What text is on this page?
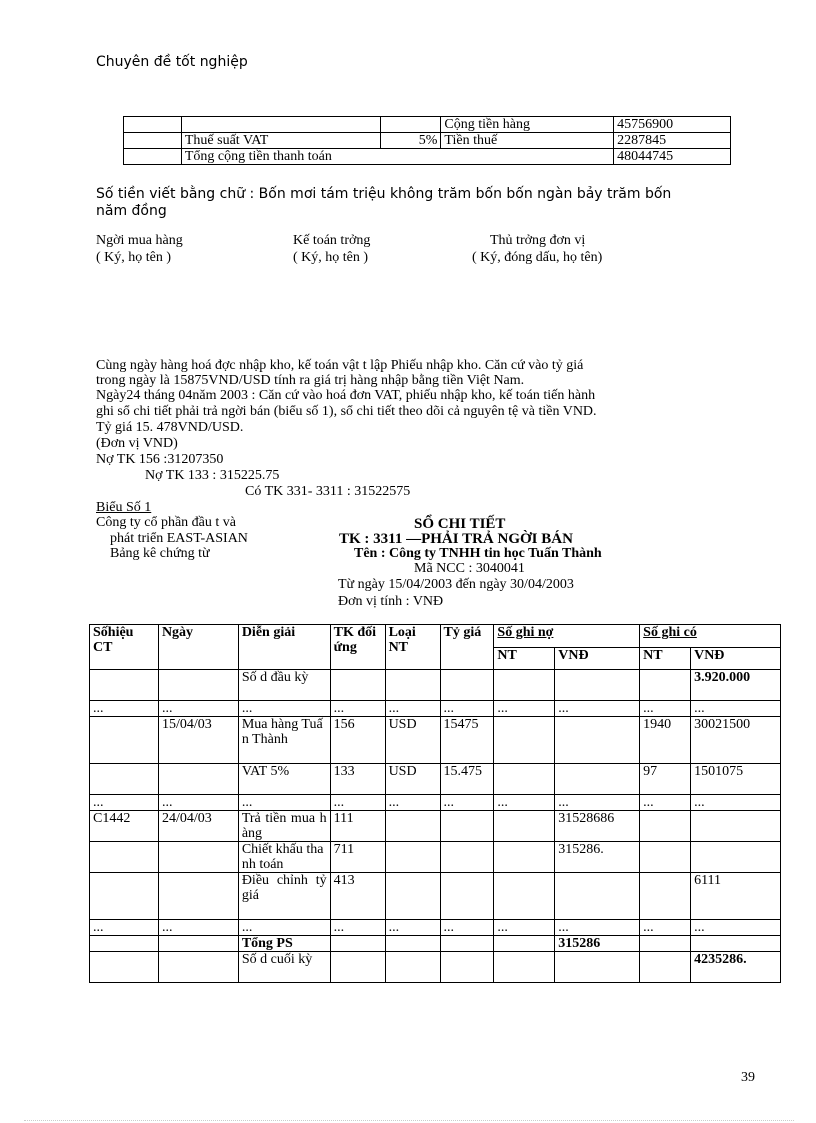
Chuyên đề tốt nghiệp
			Cộng tiền hàng	45756900
	Thuế suất VAT	5%	Tiền thuế	2287845
	Tổng cộng tiền thanh toán			48044745
Số tiền viết bằng chữ : Bốn mơi tám triệu không trăm bốn bốn ngàn bảy trăm bốn
năm đồng
Ngời mua hàng
( Ký, họ tên )
Kế toán trởng
( Ký, họ tên )
Thủ trởng đơn vị
( Ký, đóng dấu, họ tên)
Cùng ngày hàng hoá đợc nhập kho, kế toán vật t lập Phiếu nhập kho. Căn cứ vào tỷ giá
trong ngày là 15875VND/USD tính ra giá trị hàng nhập bằng tiền Việt Nam.
Ngày24 tháng 04năm 2003 : Căn cứ vào hoá đơn VAT, phiếu nhập kho, kế toán tiến hành
ghi sổ chi tiết phải trả ngời bán (biểu số 1), sổ chi tiết theo dõi cả nguyên tệ và tiền VND.
Tỷ giá 15. 478VND/USD.
(Đơn vị VND)
Nợ TK 156 :31207350
Nợ TK 133 : 315225.75
Có TK 331- 3311 : 31522575
Biểu Số 1
Công ty cổ phần đầu t và
phát triển EAST-ASIAN
Bảng kê chứng từ
SỔ CHI TIẾT
TK : 3311 —PHẢI TRẢ NGỜI BÁN
Tên : Công ty TNHH tin học Tuấn Thành
Mã NCC : 3040041
Từ ngày 15/04/2003 đến ngày 30/04/2003
Đơn vị tính : VNĐ
Sốhiệu CT	Ngày	Diễn giải	TK đối ứng	Loại NT	Tỷ giá	Số ghi nợ		Số ghi có	
						NT	VNĐ	NT	VNĐ
		Số d đầu kỳ							3.920.000
...	...	...	...	...	...	...	...	...	...
	15/04/03	Mua hàng Tuấn Thành	156	USD	15475			1940	30021500
		VAT 5%	133	USD	15.475			97	1501075
...	...	...	...	...	...	...	...	...	...
C1442	24/04/03	Trả tiền mua hàng	111				31528686		
		Chiết khấu thanh toán	711				315286.		
		Điều chỉnh tỷ giá	413						6111
...	...	...	...	...	...	...	...	...	...
		Tổng PS					315286		
		Số d cuối kỳ							4235286.
39
